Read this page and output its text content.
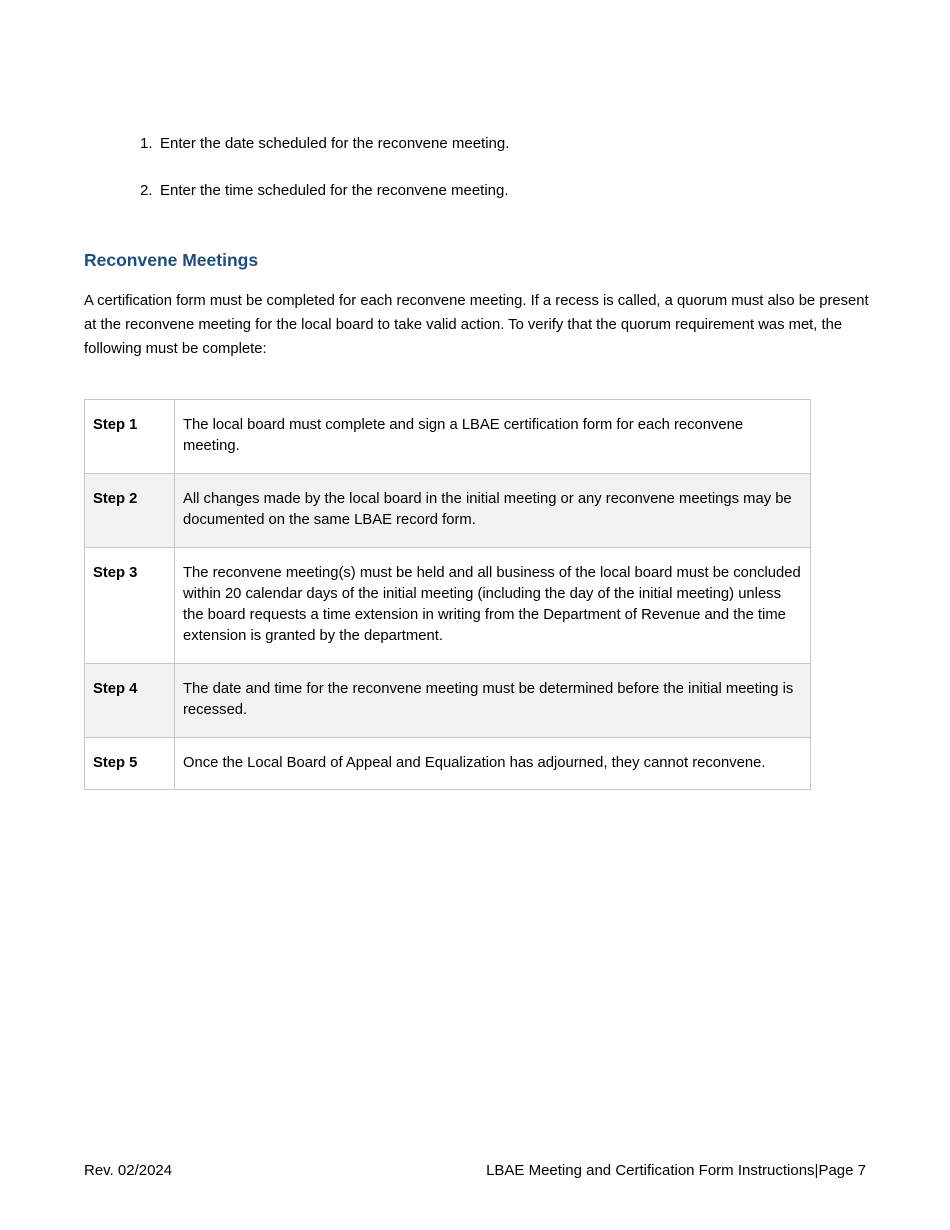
1. Enter the date scheduled for the reconvene meeting.
2. Enter the time scheduled for the reconvene meeting.
Reconvene Meetings

A certification form must be completed for each reconvene meeting. If a recess is called, a quorum must also be present at the reconvene meeting for the local board to take valid action. To verify that the quorum requirement was met, the following must be complete:

Step 1	The local board must complete and sign a LBAE certification form for each reconvene meeting.
Step 2	All changes made by the local board in the initial meeting or any reconvene meetings may be documented on the same LBAE record form.
Step 3	The reconvene meeting(s) must be held and all business of the local board must be concluded within 20 calendar days of the initial meeting (including the day of the initial meeting) unless the board requests a time extension in writing from the Department of Revenue and the time extension is granted by the department.
Step 4	The date and time for the reconvene meeting must be determined before the initial meeting is recessed.
Step 5	Once the Local Board of Appeal and Equalization has adjourned, they cannot reconvene.
Rev. 02/2024	LBAE Meeting and Certification Form Instructions|Page 7
